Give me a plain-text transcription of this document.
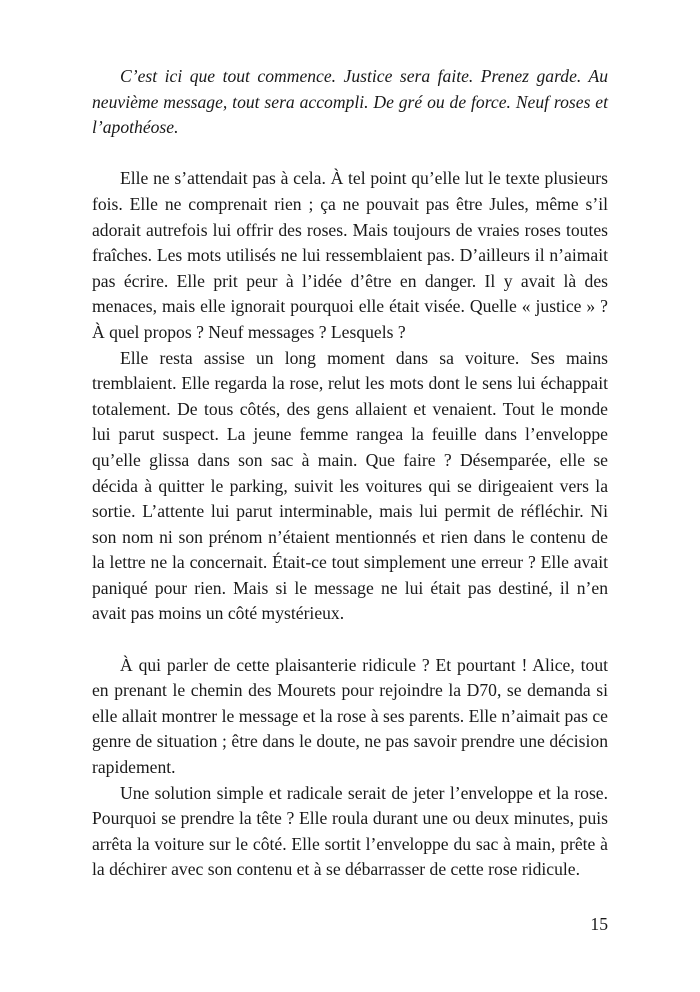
C’est ici que tout commence. Justice sera faite. Prenez garde. Au neuvième message, tout sera accompli. De gré ou de force. Neuf roses et l’apothéose.

Elle ne s’attendait pas à cela. À tel point qu’elle lut le texte plusieurs fois. Elle ne comprenait rien ; ça ne pouvait pas être Jules, même s’il adorait autrefois lui offrir des roses. Mais toujours de vraies roses toutes fraîches. Les mots utilisés ne lui ressemblaient pas. D’ailleurs il n’aimait pas écrire. Elle prit peur à l’idée d’être en danger. Il y avait là des menaces, mais elle ignorait pourquoi elle était visée. Quelle « justice » ? À quel propos ? Neuf messages ? Lesquels ?

Elle resta assise un long moment dans sa voiture. Ses mains tremblaient. Elle regarda la rose, relut les mots dont le sens lui échappait totalement. De tous côtés, des gens allaient et venaient. Tout le monde lui parut suspect. La jeune femme rangea la feuille dans l’enveloppe qu’elle glissa dans son sac à main. Que faire ? Désemparée, elle se décida à quitter le parking, suivit les voitures qui se dirigeaient vers la sortie. L’attente lui parut interminable, mais lui permit de réfléchir. Ni son nom ni son prénom n’étaient mentionnés et rien dans le contenu de la lettre ne la concernait. Était-ce tout simplement une erreur ? Elle avait paniqué pour rien. Mais si le message ne lui était pas destiné, il n’en avait pas moins un côté mystérieux.

À qui parler de cette plaisanterie ridicule ? Et pourtant ! Alice, tout en prenant le chemin des Mourets pour rejoindre la D70, se demanda si elle allait montrer le message et la rose à ses parents. Elle n’aimait pas ce genre de situation ; être dans le doute, ne pas savoir prendre une décision rapidement.

Une solution simple et radicale serait de jeter l’enveloppe et la rose. Pourquoi se prendre la tête ? Elle roula durant une ou deux minutes, puis arrêta la voiture sur le côté. Elle sortit l’enveloppe du sac à main, prête à la déchirer avec son contenu et à se débarrasser de cette rose ridicule.

15
